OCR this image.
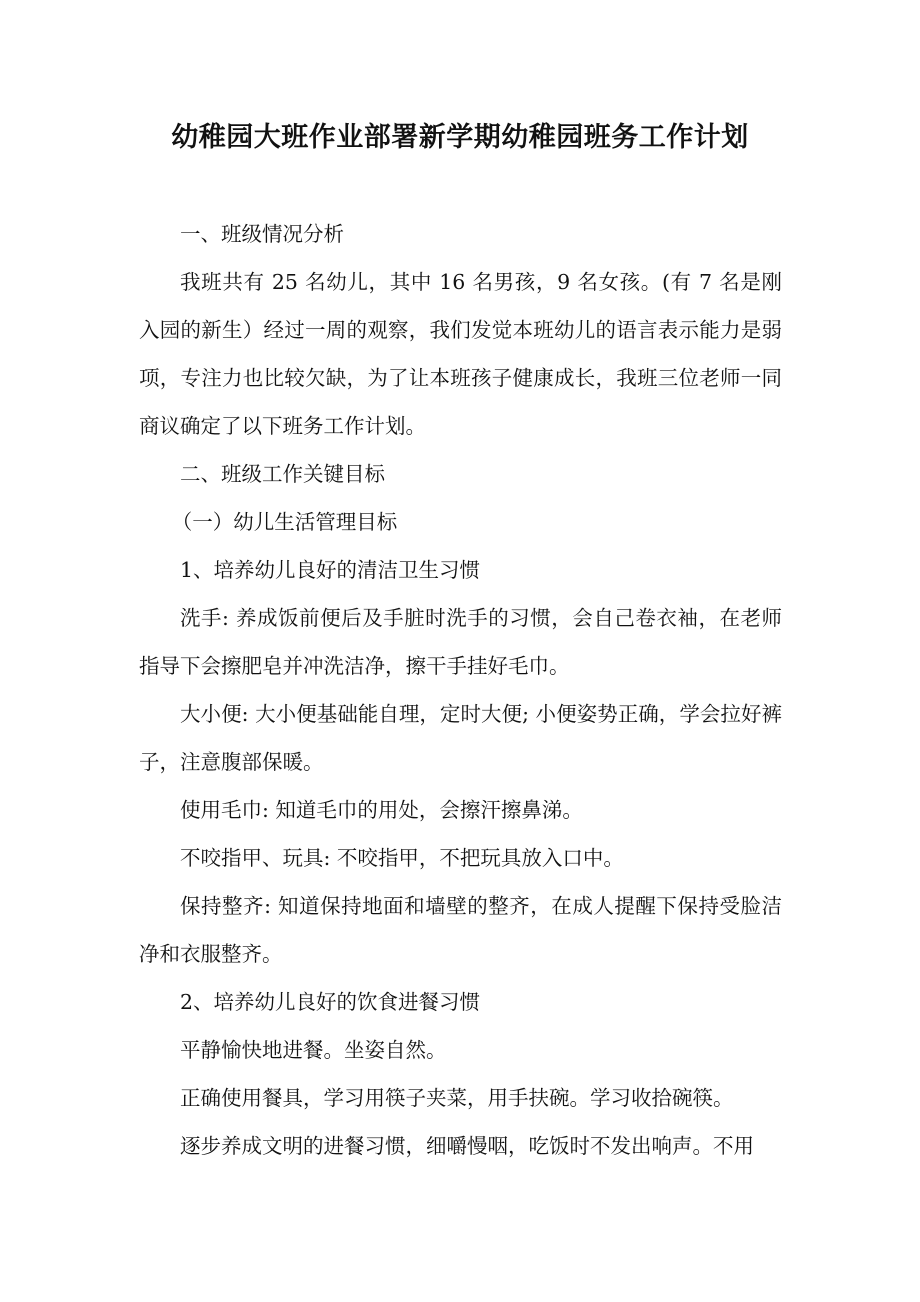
幼稚园大班作业部署新学期幼稚园班务工作计划

一、班级情况分析

我班共有 25 名幼儿，其中 16 名男孩，9 名女孩。(有 7 名是刚入园的新生）经过一周的观察，我们发觉本班幼儿的语言表示能力是弱项，专注力也比较欠缺，为了让本班孩子健康成长，我班三位老师一同商议确定了以下班务工作计划。

二、班级工作关键目标

（一）幼儿生活管理目标

1、培养幼儿良好的清洁卫生习惯

洗手: 养成饭前便后及手脏时洗手的习惯，会自己卷衣袖，在老师指导下会擦肥皂并冲洗洁净，擦干手挂好毛巾。

大小便: 大小便基础能自理，定时大便; 小便姿势正确，学会拉好裤子，注意腹部保暖。

使用毛巾: 知道毛巾的用处，会擦汗擦鼻涕。

不咬指甲、玩具: 不咬指甲，不把玩具放入口中。

保持整齐: 知道保持地面和墙壁的整齐，在成人提醒下保持受脸洁净和衣服整齐。

2、培养幼儿良好的饮食进餐习惯

平静愉快地进餐。坐姿自然。

正确使用餐具，学习用筷子夹菜，用手扶碗。学习收拾碗筷。

逐步养成文明的进餐习惯，细嚼慢咽，吃饭时不发出响声。不用
